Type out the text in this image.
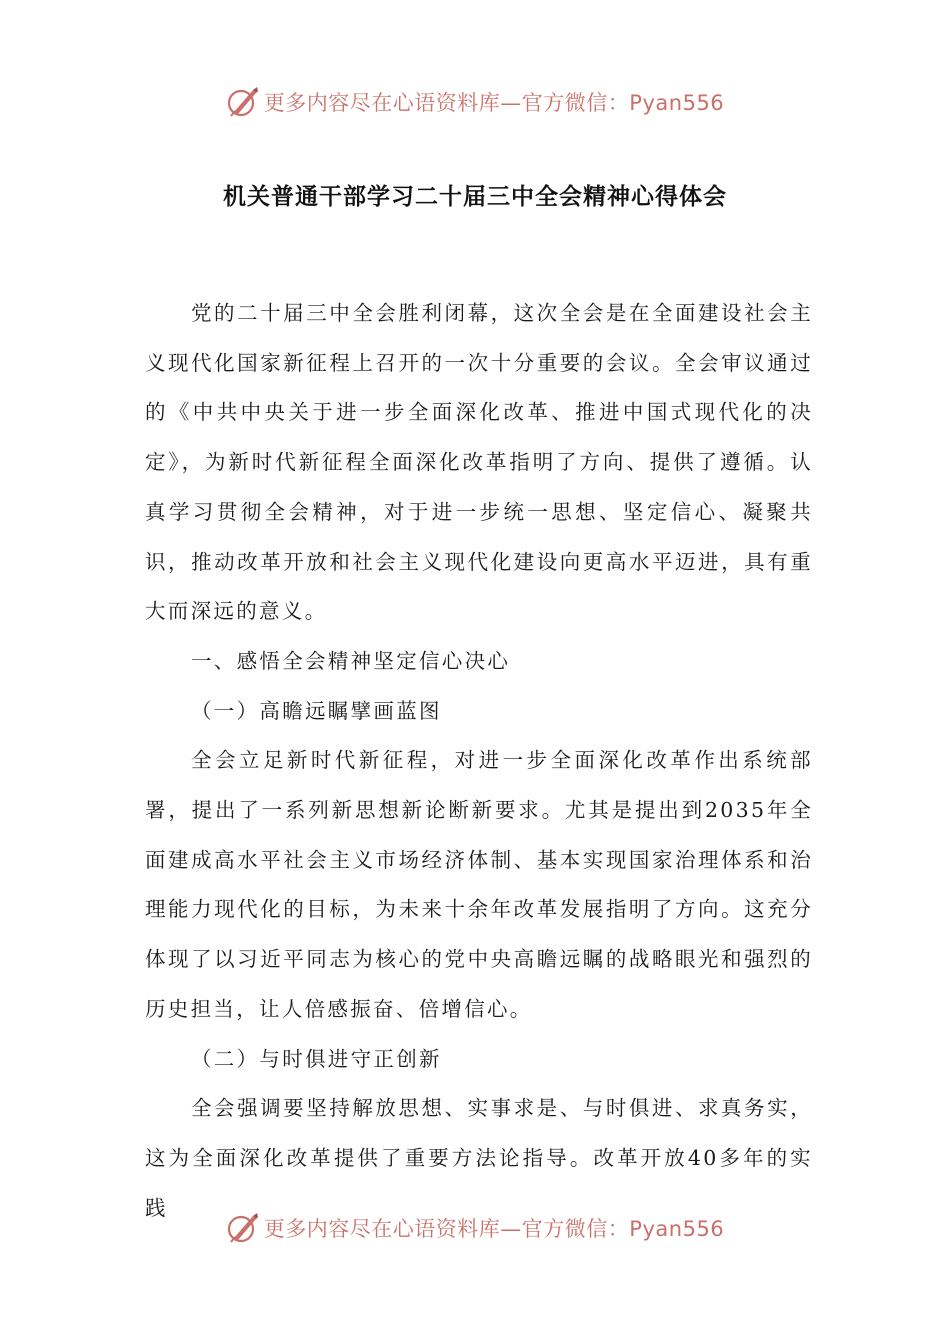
更多内容尽在心语资料库—官方微信：Pyan556
机关普通干部学习二十届三中全会精神心得体会

党的二十届三中全会胜利闭幕，这次全会是在全面建设社会主义现代化国家新征程上召开的一次十分重要的会议。全会审议通过的《中共中央关于进一步全面深化改革、推进中国式现代化的决定》，为新时代新征程全面深化改革指明了方向、提供了遵循。认真学习贯彻全会精神，对于进一步统一思想、坚定信心、凝聚共识，推动改革开放和社会主义现代化建设向更高水平迈进，具有重大而深远的意义。

一、感悟全会精神坚定信心决心

（一）高瞻远瞩擘画蓝图

全会立足新时代新征程，对进一步全面深化改革作出系统部署，提出了一系列新思想新论断新要求。尤其是提出到2035年全面建成高水平社会主义市场经济体制、基本实现国家治理体系和治理能力现代化的目标，为未来十余年改革发展指明了方向。这充分体现了以习近平同志为核心的党中央高瞻远瞩的战略眼光和强烈的历史担当，让人倍感振奋、倍增信心。

（二）与时俱进守正创新

全会强调要坚持解放思想、实事求是、与时俱进、求真务实，这为全面深化改革提供了重要方法论指导。改革开放40多年的实践

更多内容尽在心语资料库—官方微信：Pyan556
